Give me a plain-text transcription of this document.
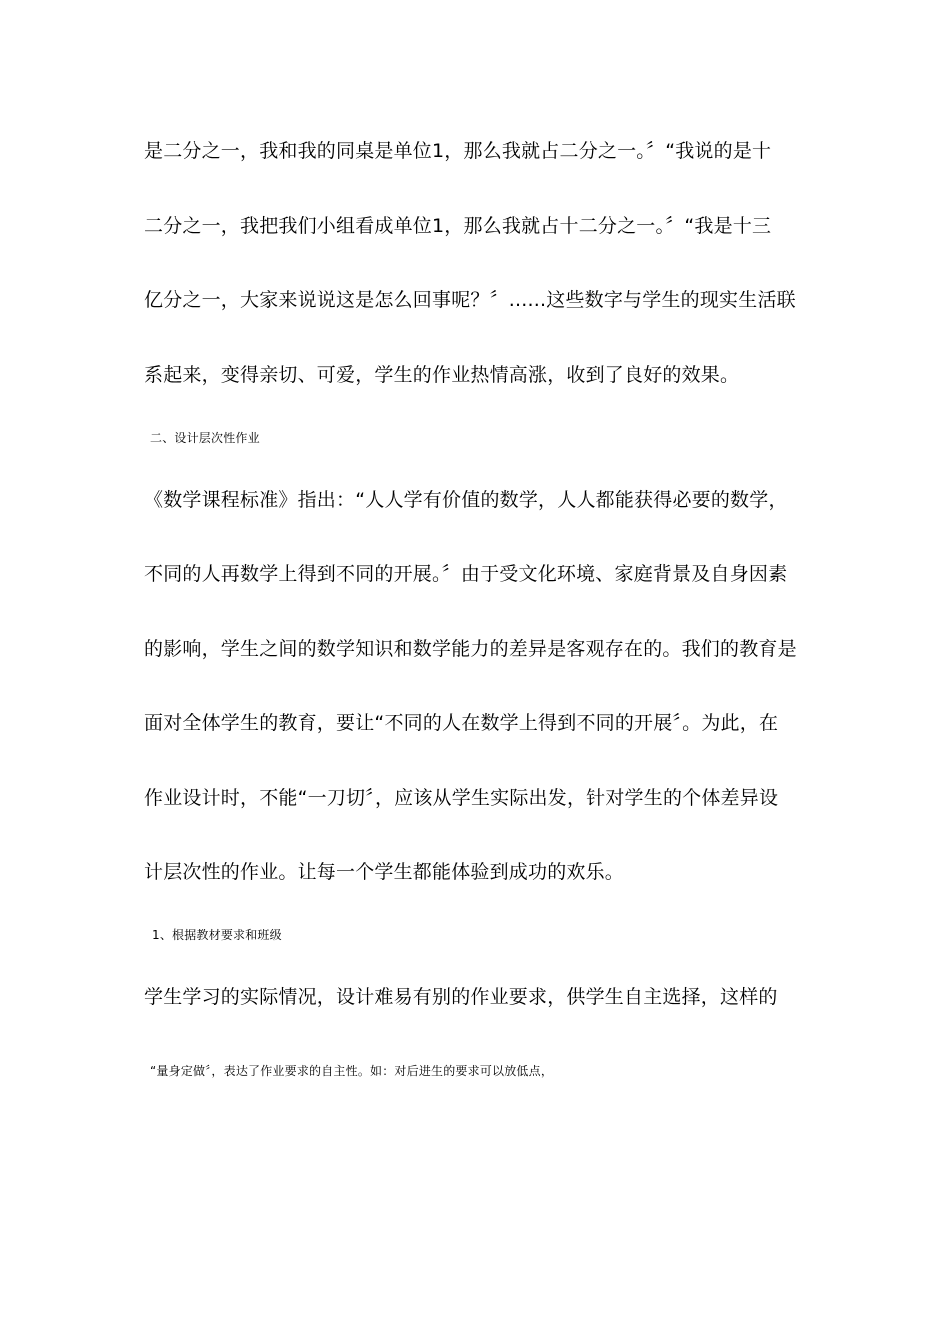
是二分之一，我和我的同桌是单位1，那么我就占二分之一。〞“我说的是十
二分之一，我把我们小组看成单位1，那么我就占十二分之一。〞“我是十三
亿分之一，大家来说说这是怎么回事呢？〞......这些数字与学生的现实生活联
系起来，变得亲切、可爱，学生的作业热情高涨，收到了良好的效果。
二、设计层次性作业
《数学课程标准》指出：“人人学有价值的数学，人人都能获得必要的数学，
不同的人再数学上得到不同的开展。〞由于受文化环境、家庭背景及自身因素
的影响，学生之间的数学知识和数学能力的差异是客观存在的。我们的教育是
面对全体学生的教育，要让“不同的人在数学上得到不同的开展〞。为此，在
作业设计时，不能“一刀切〞，应该从学生实际出发，针对学生的个体差异设
计层次性的作业。让每一个学生都能体验到成功的欢乐。
1、根据教材要求和班级
学生学习的实际情况，设计难易有别的作业要求，供学生自主选择，这样的
“量身定做〞，表达了作业要求的自主性。如：对后进生的要求可以放低点，
